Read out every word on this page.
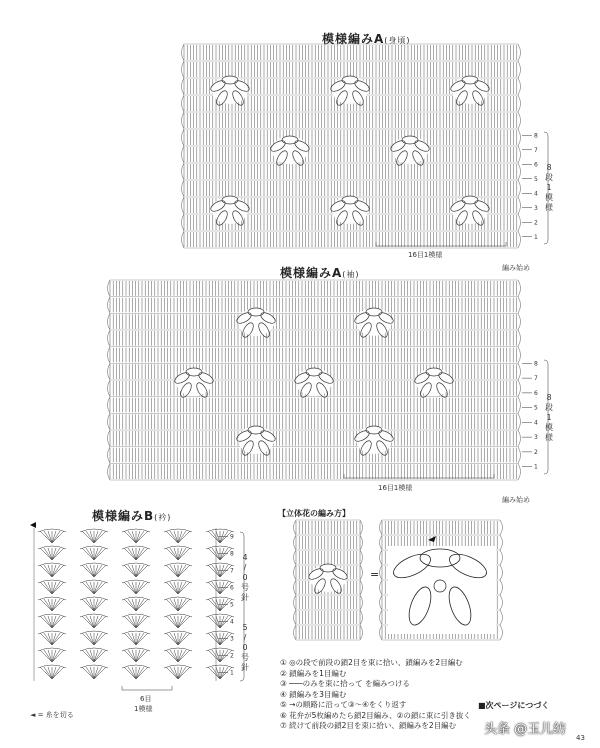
模様編みA(身頃)
8
7
6
5
4
3
2
1
8
7
6
5
4
3
2
1
9
8
7
6
5
4
3
2
1
16目1模様
編み始め
8
段
1
模
様
模様編みA(袖)
16目1模様
編み始め
8
段
1
模
様
模様編みB(衿)
4
/
0
号
針
5
/
0
号
針
6目
1模様
◄ = 糸を切る
【立体花の編み方】
=
① ◎の段で前段の鎖2目を束に拾い、鎖編みを2目編む
② 鎖編みを1目編む
③ ───のみを束に拾って を編みつける
④ 鎖編みを3目編む
⑤ →の順路に沿って③〜④をくり返す
⑥ 花弁が5枚編めたら鎖2目編み、②の鎖に束に引き抜く
⑦ 続けて前段の鎖2目を束に拾い、鎖編みを2目編む
■次ページにつづく
头条 @玉儿纺
43
